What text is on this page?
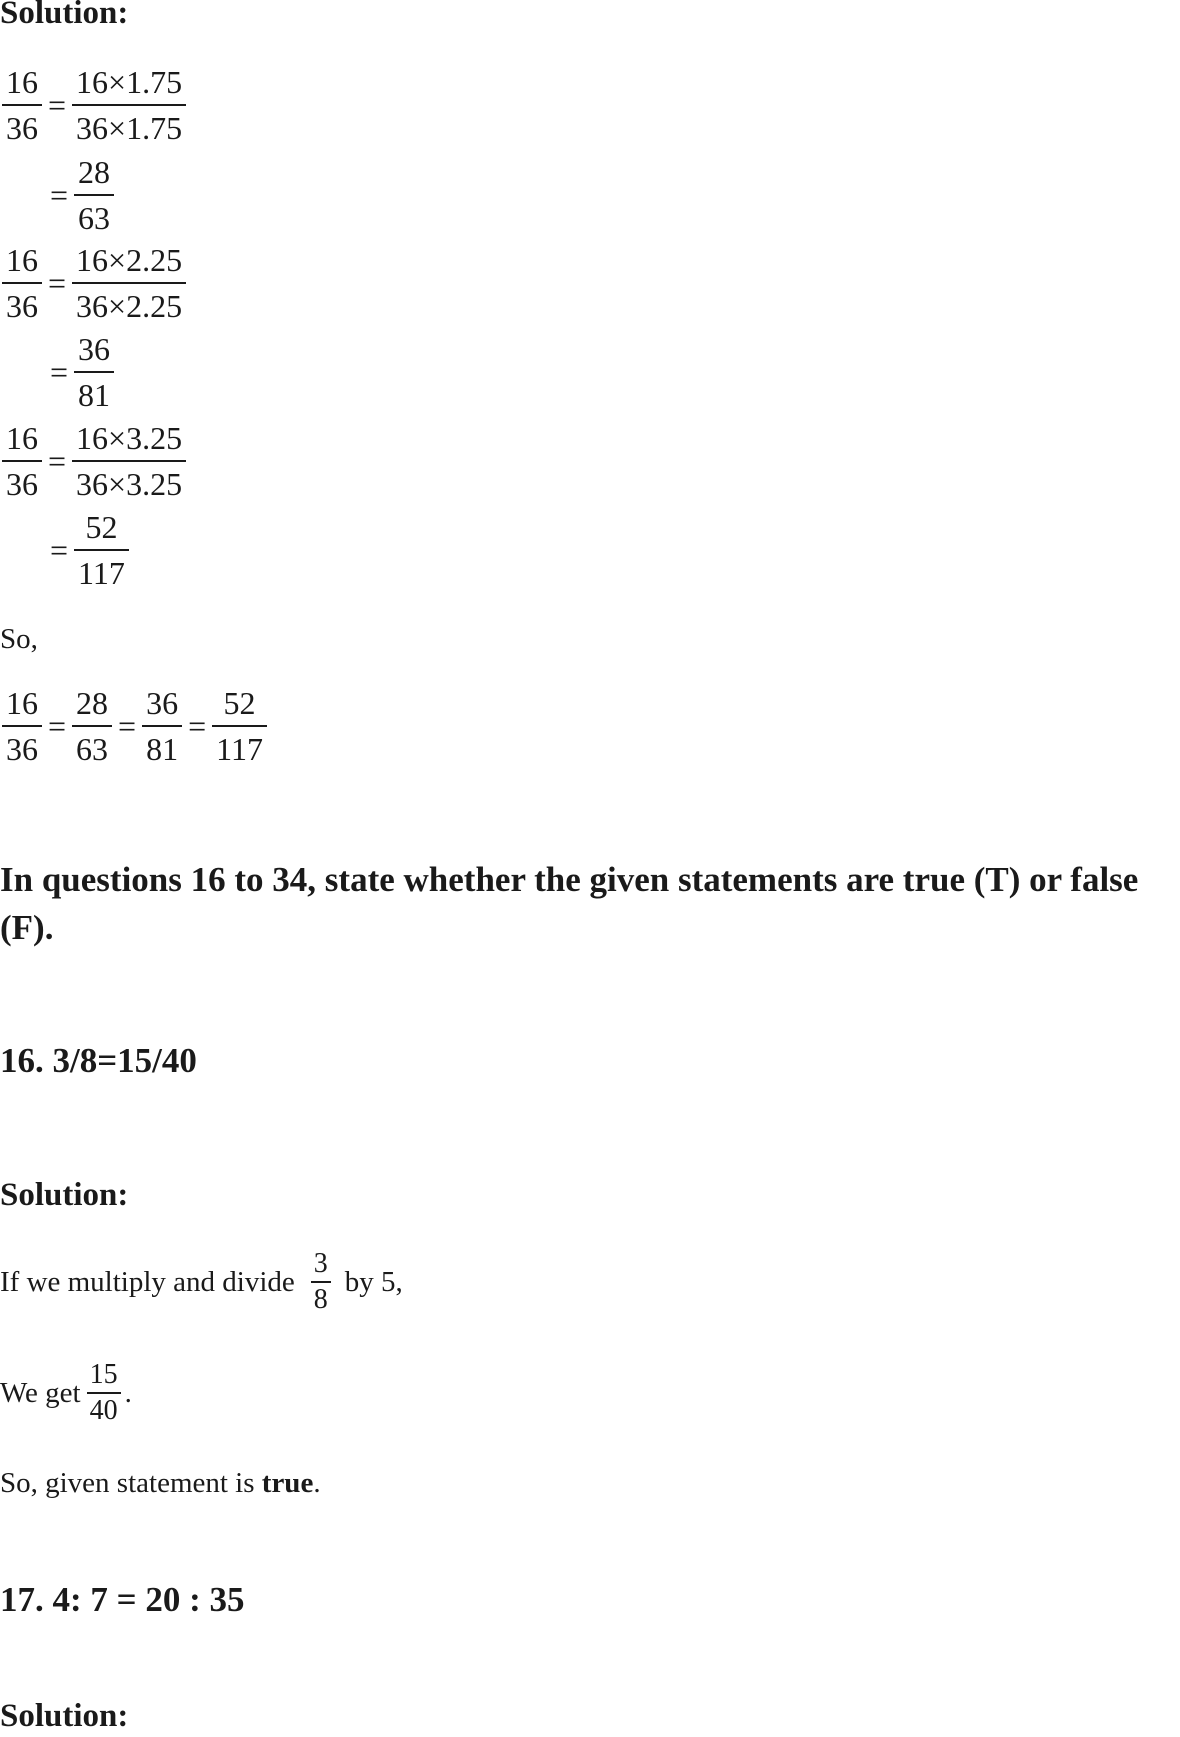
Solution:
$\frac{16}{36} = \frac{16\times 1.75}{36\times 1.75}$
= $\frac{28}{63}$
$\frac{16}{36} = \frac{16\times 2.25}{36\times 2.25}$
= $\frac{36}{81}$
$\frac{16}{36} = \frac{16\times 3.25}{36\times 3.25}$
= $\frac{52}{117}$
So,
$\frac{16}{36} = \frac{28}{63} = \frac{36}{81} = \frac{52}{117}$
In questions 16 to 34, state whether the given statements are true (T) or false (F).
16. 3/8=15/40
Solution:
If we multiply and divide $\frac{3}{8}$ by 5,
We get $\frac{15}{40}$ .
So, given statement is true.
17. 4: 7 = 20 : 35
Solution:
